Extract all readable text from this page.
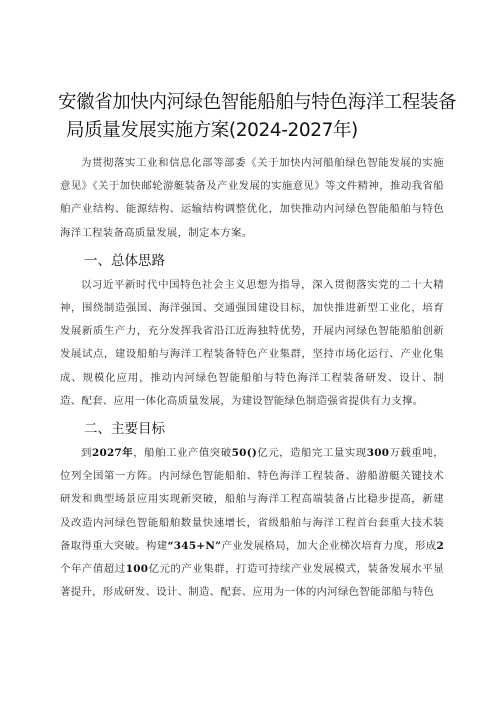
安徽省加快内河绿色智能船舶与特色海洋工程装备
局质量发展实施方案(2024-2027年)

为贯彻落实工业和信息化部等部委《关于加快内河船舶绿色智能发展的实施意见》《关于加快邮轮游艇装备及产业发展的实施意见》等文件精神，推动我省船舶产业结构、能源结构、运输结构调整优化，加快推动内河绿色智能船舶与特色海洋工程装备高质量发展，制定本方案。

一、总体思路

以习近平新时代中国特色社会主义思想为指导，深入贯彻落实党的二十大精神，围绕制造强国、海洋强国、交通强国建设目标，加快推进新型工业化，培育发展新质生产力，充分发挥我省沿江近海独特优势，开展内河绿色智能船舶创新发展试点，建设船舶与海洋工程装备特色产业集群，坚持市场化运行、产业化集成、规模化应用，推动内河绿色智能船舶与特色海洋工程装备研发、设计、制造、配套、应用一体化高质量发展，为建设智能绿色制造强省提供有力支撑。

二、主要目标

到2027年，船舶工业产值突破50()亿元，造船完工量实现300万载重吨，位列全国第一方阵。内河绿色智能船舶、特色海洋工程装备、游船游艇关键技术研发和典型场景应用实现新突破，船舶与海洋工程高端装备占比稳步提高，新建及改造内河绿色智能船舶数量快速增长，省级船舶与海洋工程首台套重大技术装备取得重大突破。构建“345+N”产业发展格局，加大企业梯次培育力度，形成2个年产值超过100亿元的产业集群，打造可持续产业发展模式，装备发展水平显著提升，形成研发、设计、制造、配套、应用为一体的内河绿色智能部船与特色
